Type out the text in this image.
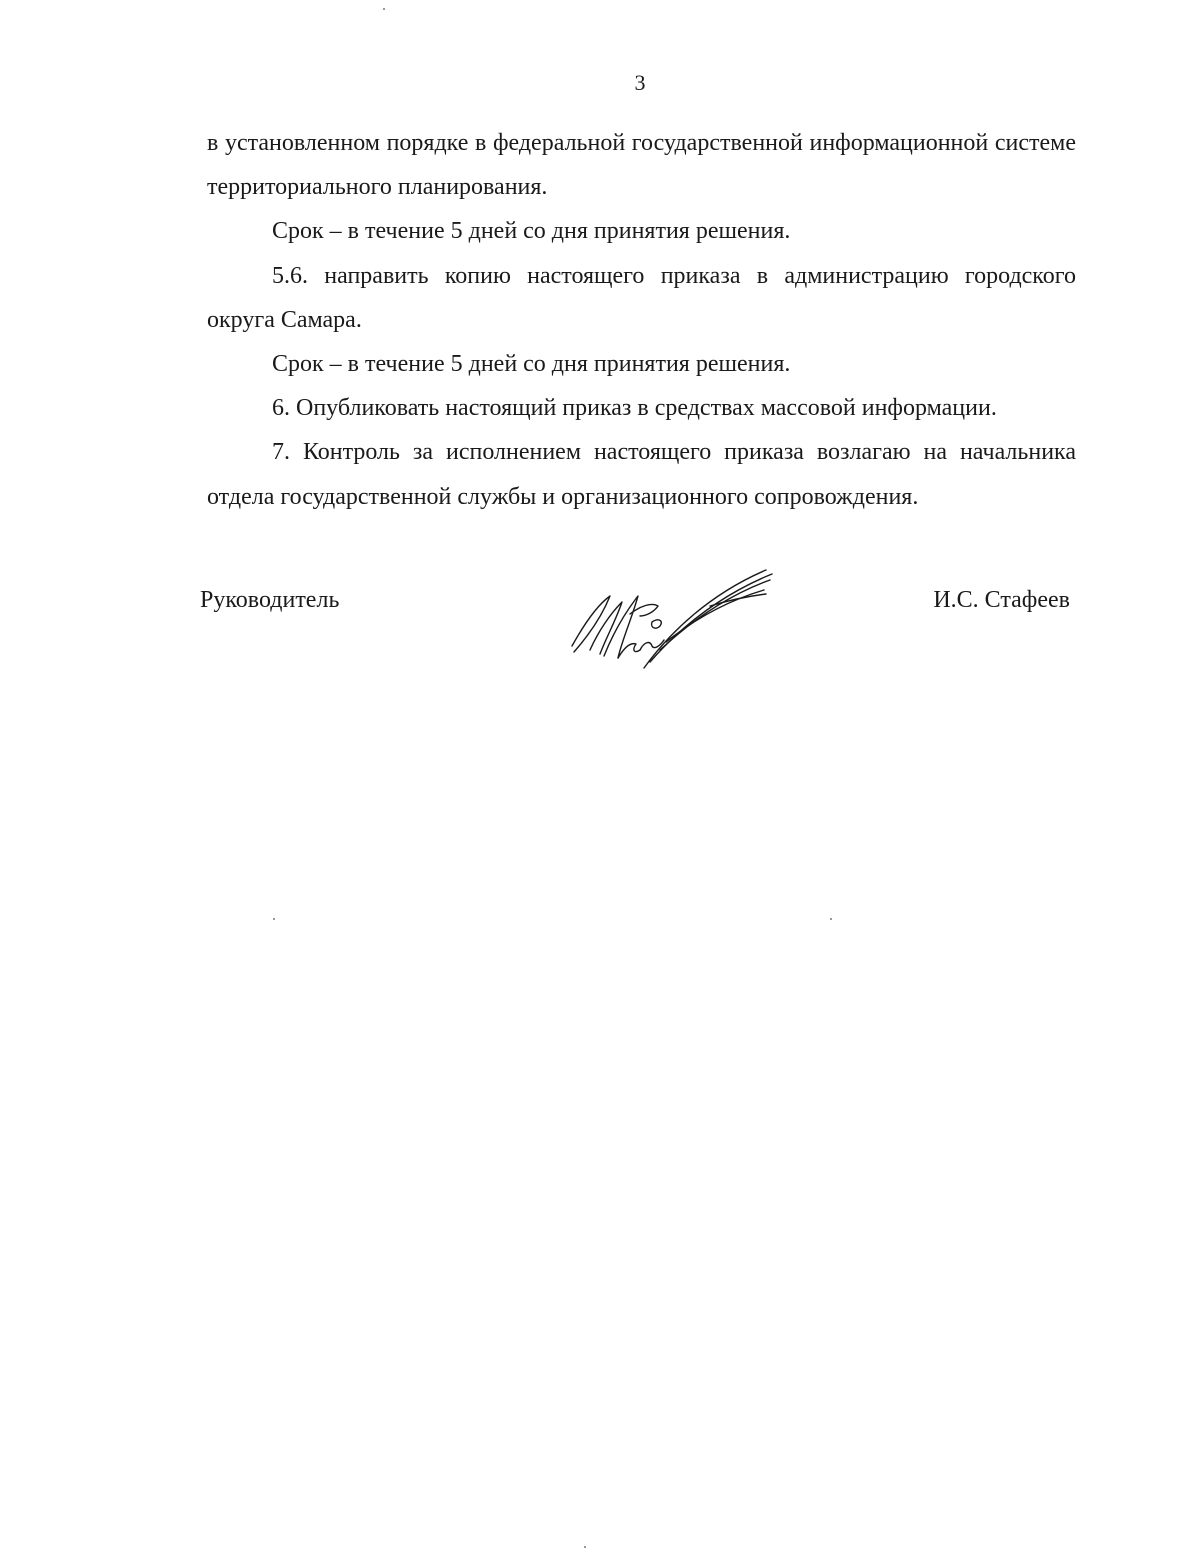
3

в установленном порядке в федеральной государственной информационной системе территориального планирования.

Срок – в течение 5 дней со дня принятия решения.

5.6. направить копию настоящего приказа в администрацию городского округа Самара.

Срок – в течение 5 дней со дня принятия решения.

6. Опубликовать настоящий приказ в средствах массовой информации.

7. Контроль за исполнением настоящего приказа возлагаю на начальника отдела государственной службы и организационного сопровождения.

Руководитель	И.С. Стафеев
